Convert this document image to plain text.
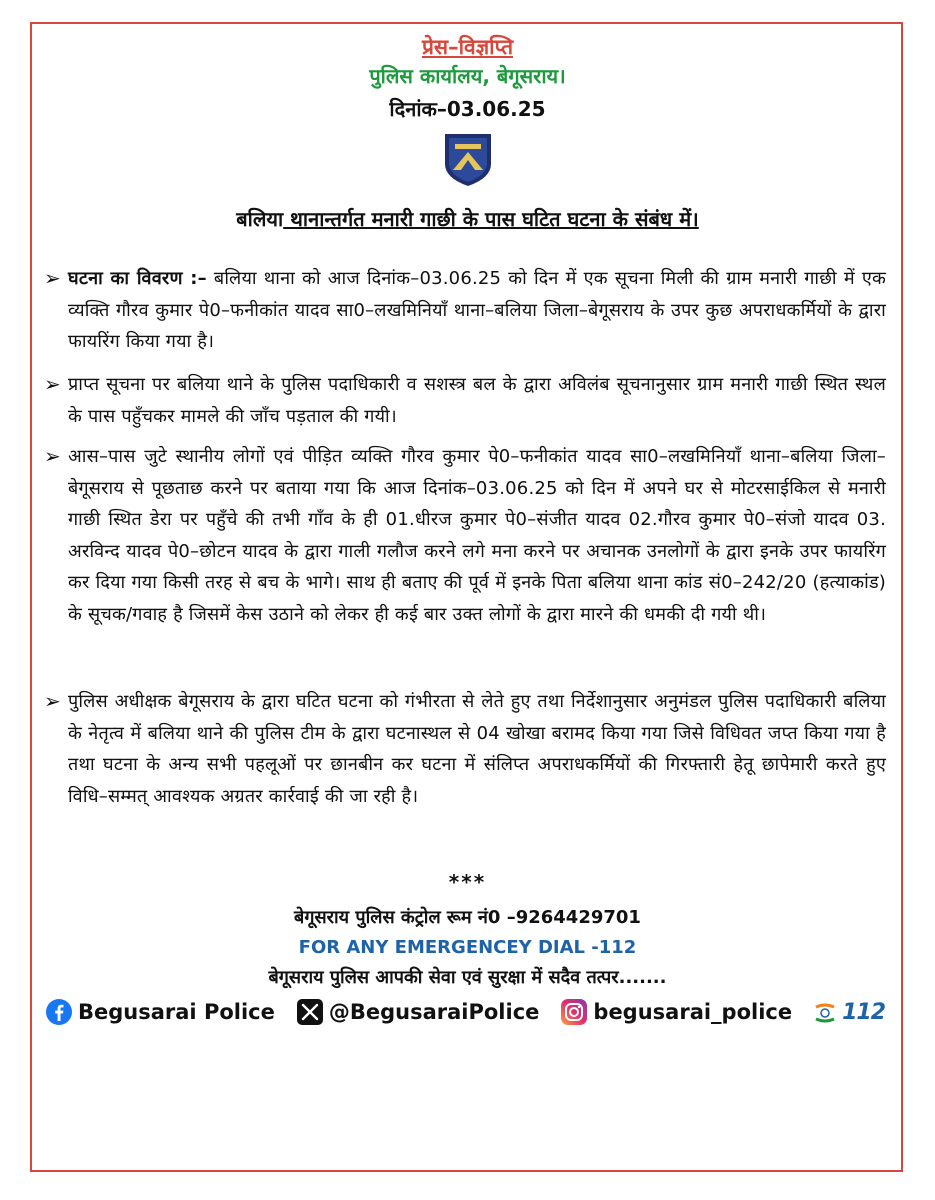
प्रेस–विज्ञप्ति
पुलिस कार्यालय, बेगूसराय।
दिनांक–03.06.25
बलिया थानान्तर्गत मनारी गाछी के पास घटित घटना के संबंध में।
➢ घटना का विवरण :– बलिया थाना को आज दिनांक–03.06.25 को दिन में एक सूचना मिली की ग्राम मनारी गाछी में एक व्यक्ति गौरव कुमार पे0–फनीकांत यादव सा0–लखमिनियाँ थाना–बलिया जिला–बेगूसराय के उपर कुछ अपराधकर्मियों के द्वारा फायरिंग किया गया है।

➢ प्राप्त सूचना पर बलिया थाने के पुलिस पदाधिकारी व सशस्त्र बल के द्वारा अविलंब सूचनानुसार ग्राम मनारी गाछी स्थित स्थल के पास पहुँचकर मामले की जाँच पड़ताल की गयी।

➢ आस–पास जुटे स्थानीय लोगों एवं पीड़ित व्यक्ति गौरव कुमार पे0–फनीकांत यादव सा0–लखमिनियाँ थाना–बलिया जिला–बेगूसराय से पूछताछ करने पर बताया गया कि आज दिनांक–03.06.25 को दिन में अपने घर से मोटरसाईकिल से मनारी गाछी स्थित डेरा पर पहुँचे की तभी गाँव के ही 01.धीरज कुमार पे0–संजीत यादव 02.गौरव कुमार पे0–संजो यादव 03. अरविन्द यादव पे0–छोटन यादव के द्वारा गाली गलौज करने लगे मना करने पर अचानक उनलोगों के द्वारा इनके उपर फायरिंग कर दिया गया किसी तरह से बच के भागे। साथ ही बताए की पूर्व में इनके पिता बलिया थाना कांड सं0–242/20 (हत्याकांड) के सूचक/गवाह है जिसमें केस उठाने को लेकर ही कई बार उक्त लोगों के द्वारा मारने की धमकी दी गयी थी।

➢ पुलिस अधीक्षक बेगूसराय के द्वारा घटित घटना को गंभीरता से लेते हुए तथा निर्देशानुसार अनुमंडल पुलिस पदाधिकारी बलिया के नेतृत्व में बलिया थाने की पुलिस टीम के द्वारा घटनास्थल से 04 खोखा बरामद किया गया जिसे विधिवत जप्त किया गया है तथा घटना के अन्य सभी पहलूओं पर छानबीन कर घटना में संलिप्त अपराधकर्मियों की गिरफ्तारी हेतू छापेमारी करते हुए विधि–सम्मत् आवश्यक अग्रतर कार्रवाई की जा रही है।

***
बेगूसराय पुलिस कंट्रोल रूम नं0 –9264429701
FOR ANY EMERGENCEY DIAL -112
बेगूसराय पुलिस आपकी सेवा एवं सुरक्षा में सदैव तत्पर.......
Begusarai Police	@BegusaraiPolice	begusarai_police 112
